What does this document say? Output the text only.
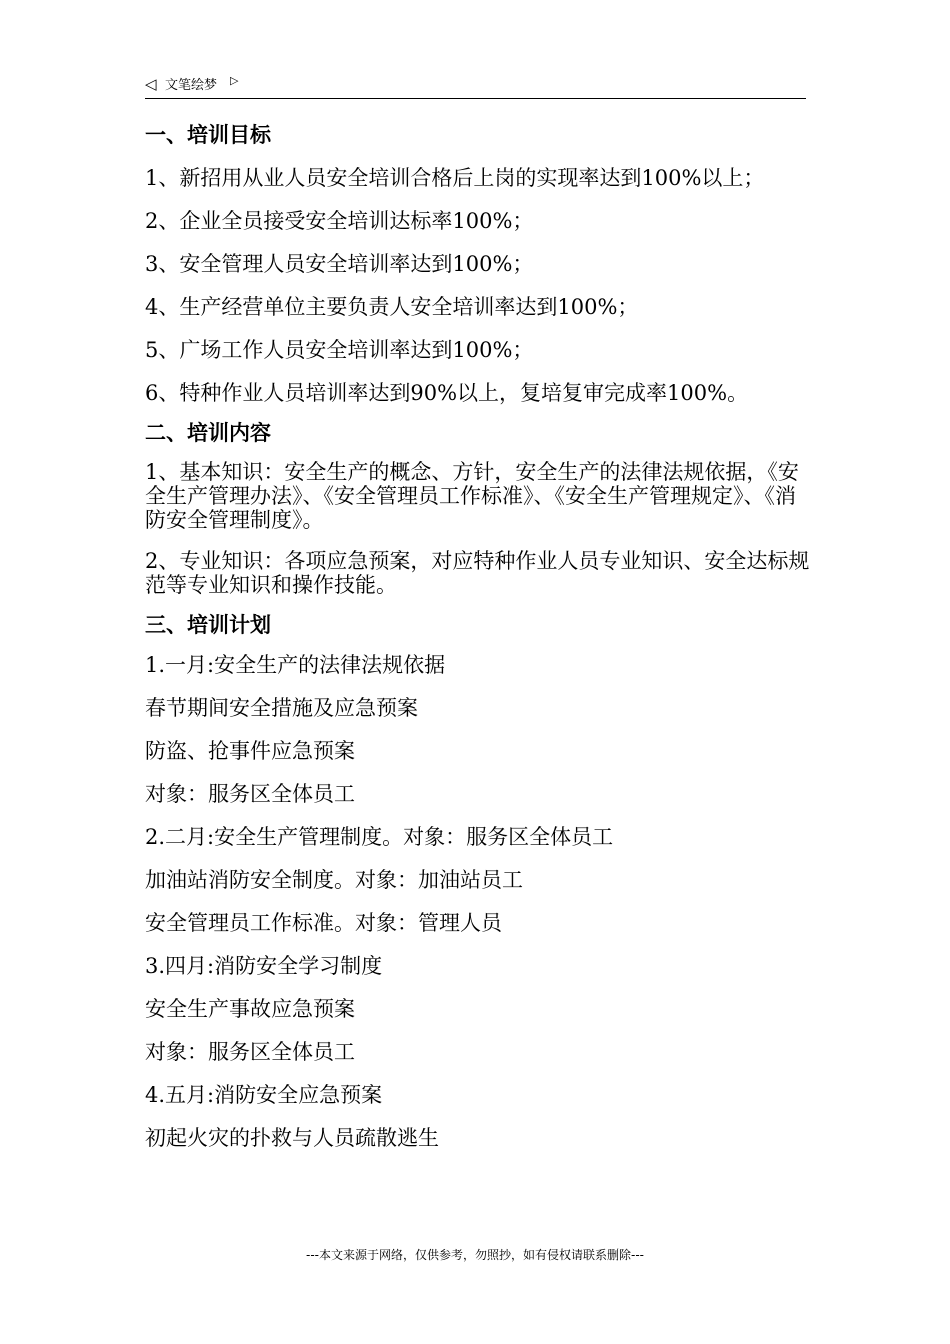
◁ 文笔绘梦 ▷
一、培训目标
1、新招用从业人员安全培训合格后上岗的实现率达到100%以上；
2、企业全员接受安全培训达标率100%；
3、安全管理人员安全培训率达到100%；
4、生产经营单位主要负责人安全培训率达到100%；
5、广场工作人员安全培训率达到100%；
6、特种作业人员培训率达到90%以上，复培复审完成率100%。
二、培训内容
1、基本知识：安全生产的概念、方针，安全生产的法律法规依据，《安全生产管理办法》、《安全管理员工作标准》、《安全生产管理规定》、《消防安全管理制度》。
2、专业知识：各项应急预案，对应特种作业人员专业知识、安全达标规范等专业知识和操作技能。
三、培训计划
1.一月:安全生产的法律法规依据
春节期间安全措施及应急预案
防盗、抢事件应急预案
对象：服务区全体员工
2.二月:安全生产管理制度。对象：服务区全体员工
加油站消防安全制度。对象：加油站员工
安全管理员工作标准。对象：管理人员
3.四月:消防安全学习制度
安全生产事故应急预案
对象：服务区全体员工
4.五月:消防安全应急预案
初起火灾的扑救与人员疏散逃生
---本文来源于网络，仅供参考，勿照抄，如有侵权请联系删除---
